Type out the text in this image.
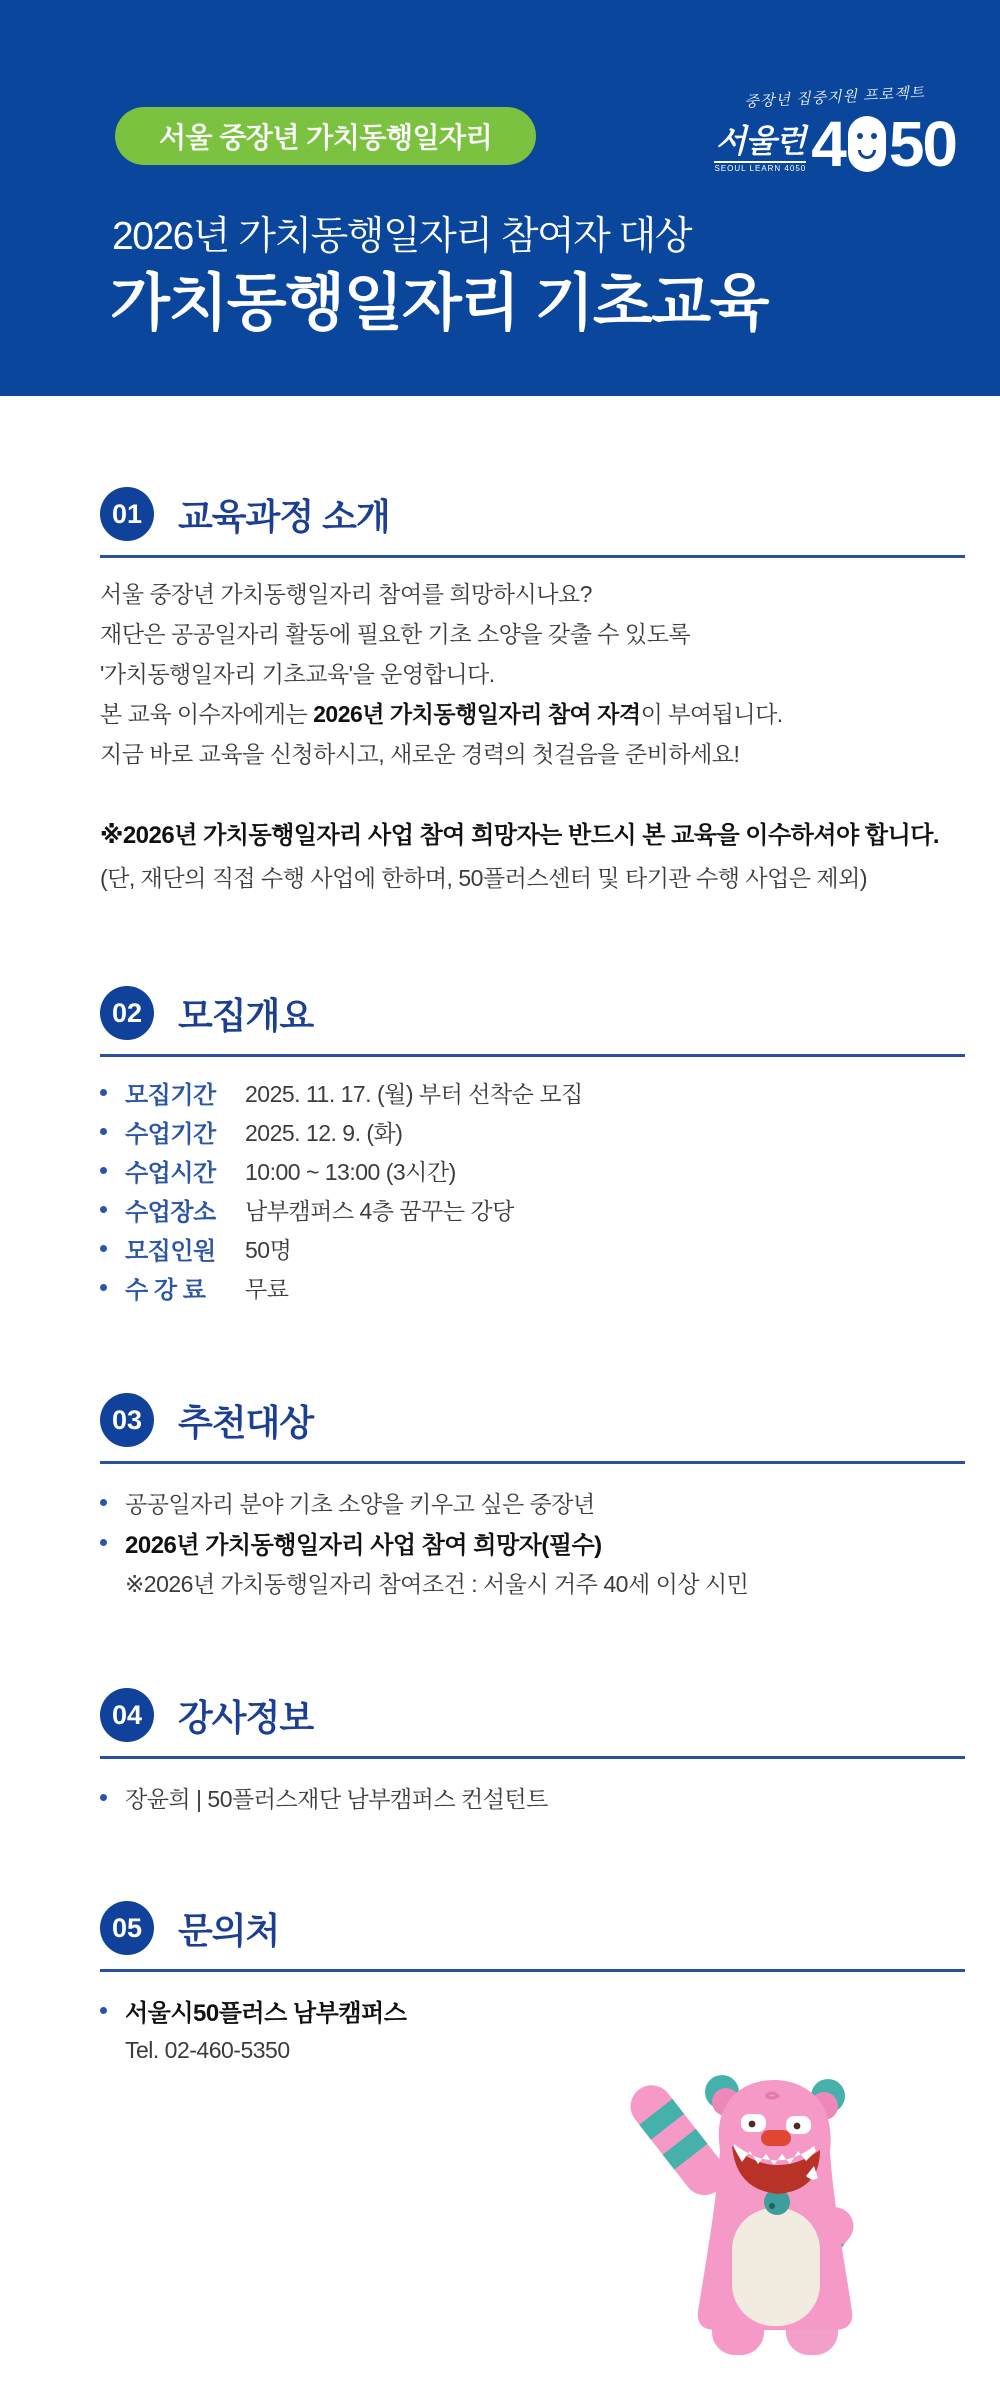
서울 중장년 가치동행일자리
중장년 집중지원 프로젝트
서울런
SEOUL LEARN 4050 4 50
2026년 가치동행일자리 참여자 대상
가치동행일자리 기초교육
01 교육과정 소개
서울 중장년 가치동행일자리 참여를 희망하시나요?
재단은 공공일자리 활동에 필요한 기초 소양을 갖출 수 있도록
'가치동행일자리 기초교육'을 운영합니다.
본 교육 이수자에게는 2026년 가치동행일자리 참여 자격이 부여됩니다.
지금 바로 교육을 신청하시고, 새로운 경력의 첫걸음을 준비하세요!
※2026년 가치동행일자리 사업 참여 희망자는 반드시 본 교육을 이수하셔야 합니다.
(단, 재단의 직접 수행 사업에 한하며, 50플러스센터 및 타기관 수행 사업은 제외)
02 모집개요
모집기간	2025. 11. 17. (월) 부터 선착순 모집
수업기간	2025. 12. 9. (화)
수업시간	10:00 ~ 13:00 (3시간)
수업장소	남부캠퍼스 4층 꿈꾸는 강당
모집인원	50명
수 강 료	무료
03 추천대상
공공일자리 분야 기초 소양을 키우고 싶은 중장년
2026년 가치동행일자리 사업 참여 희망자(필수)
※2026년 가치동행일자리 참여조건 : 서울시 거주 40세 이상 시민
04 강사정보
장윤희 | 50플러스재단 남부캠퍼스 컨설턴트
05 문의처
서울시50플러스 남부캠퍼스
Tel. 02-460-5350
